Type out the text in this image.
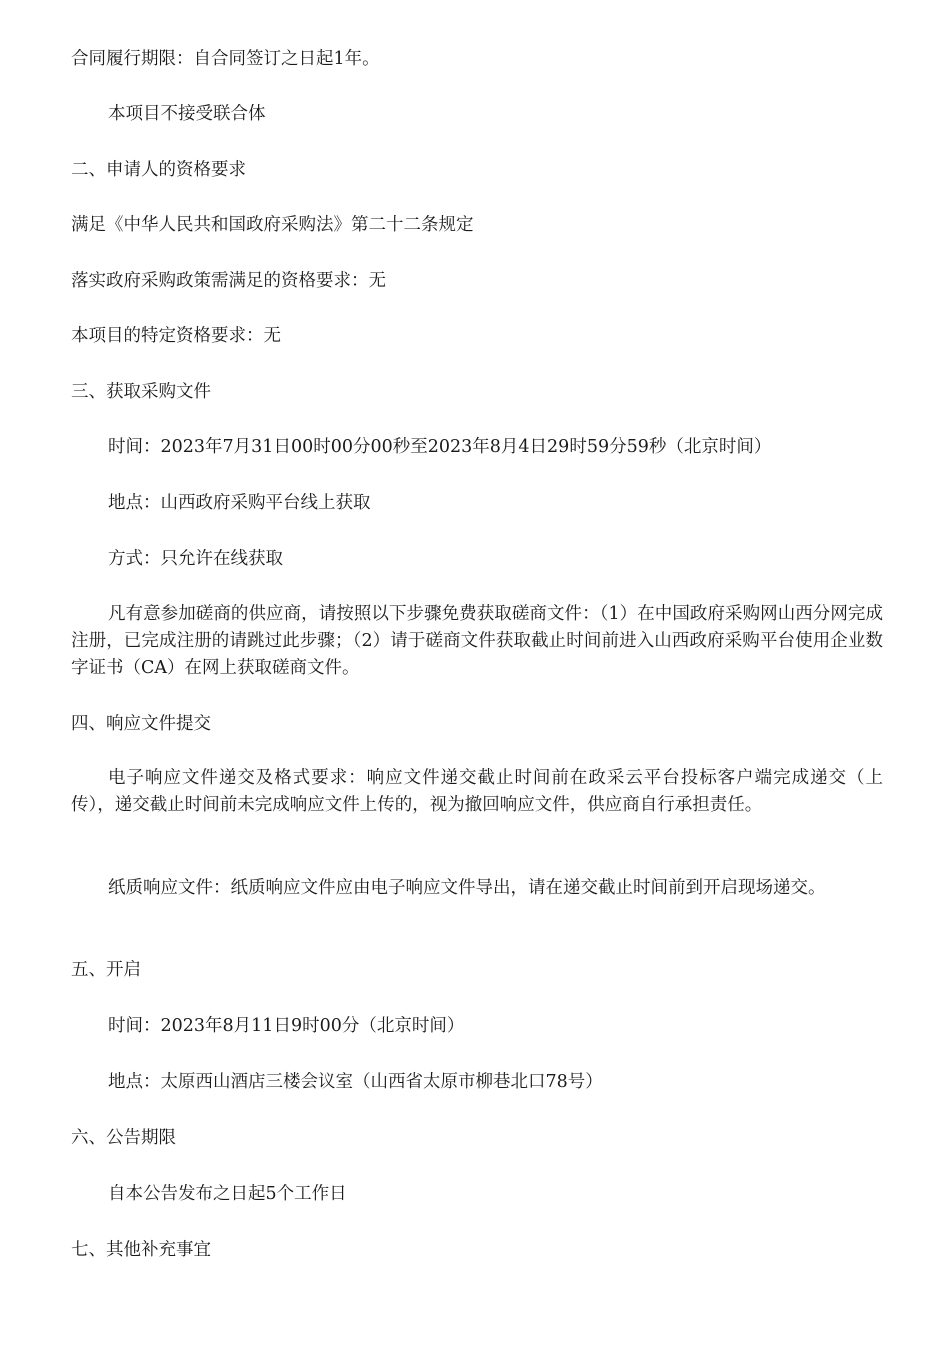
合同履行期限：自合同签订之日起1年。
本项目不接受联合体
二、申请人的资格要求
满足《中华人民共和国政府采购法》第二十二条规定
落实政府采购政策需满足的资格要求：无
本项目的特定资格要求：无
三、获取采购文件
时间：2023年7月31日00时00分00秒至2023年8月4日29时59分59秒（北京时间）
地点：山西政府采购平台线上获取
方式：只允许在线获取
凡有意参加磋商的供应商，请按照以下步骤免费获取磋商文件：（1）在中国政府采购网山西分网完成注册，已完成注册的请跳过此步骤；（2）请于磋商文件获取截止时间前进入山西政府采购平台使用企业数字证书（CA）在网上获取磋商文件。
四、响应文件提交
电子响应文件递交及格式要求：响应文件递交截止时间前在政采云平台投标客户端完成递交（上传），递交截止时间前未完成响应文件上传的，视为撤回响应文件，供应商自行承担责任。
纸质响应文件：纸质响应文件应由电子响应文件导出，请在递交截止时间前到开启现场递交。
五、开启
时间：2023年8月11日9时00分（北京时间）
地点：太原西山酒店三楼会议室（山西省太原市柳巷北口78号）
六、公告期限
自本公告发布之日起5个工作日
七、其他补充事宜
